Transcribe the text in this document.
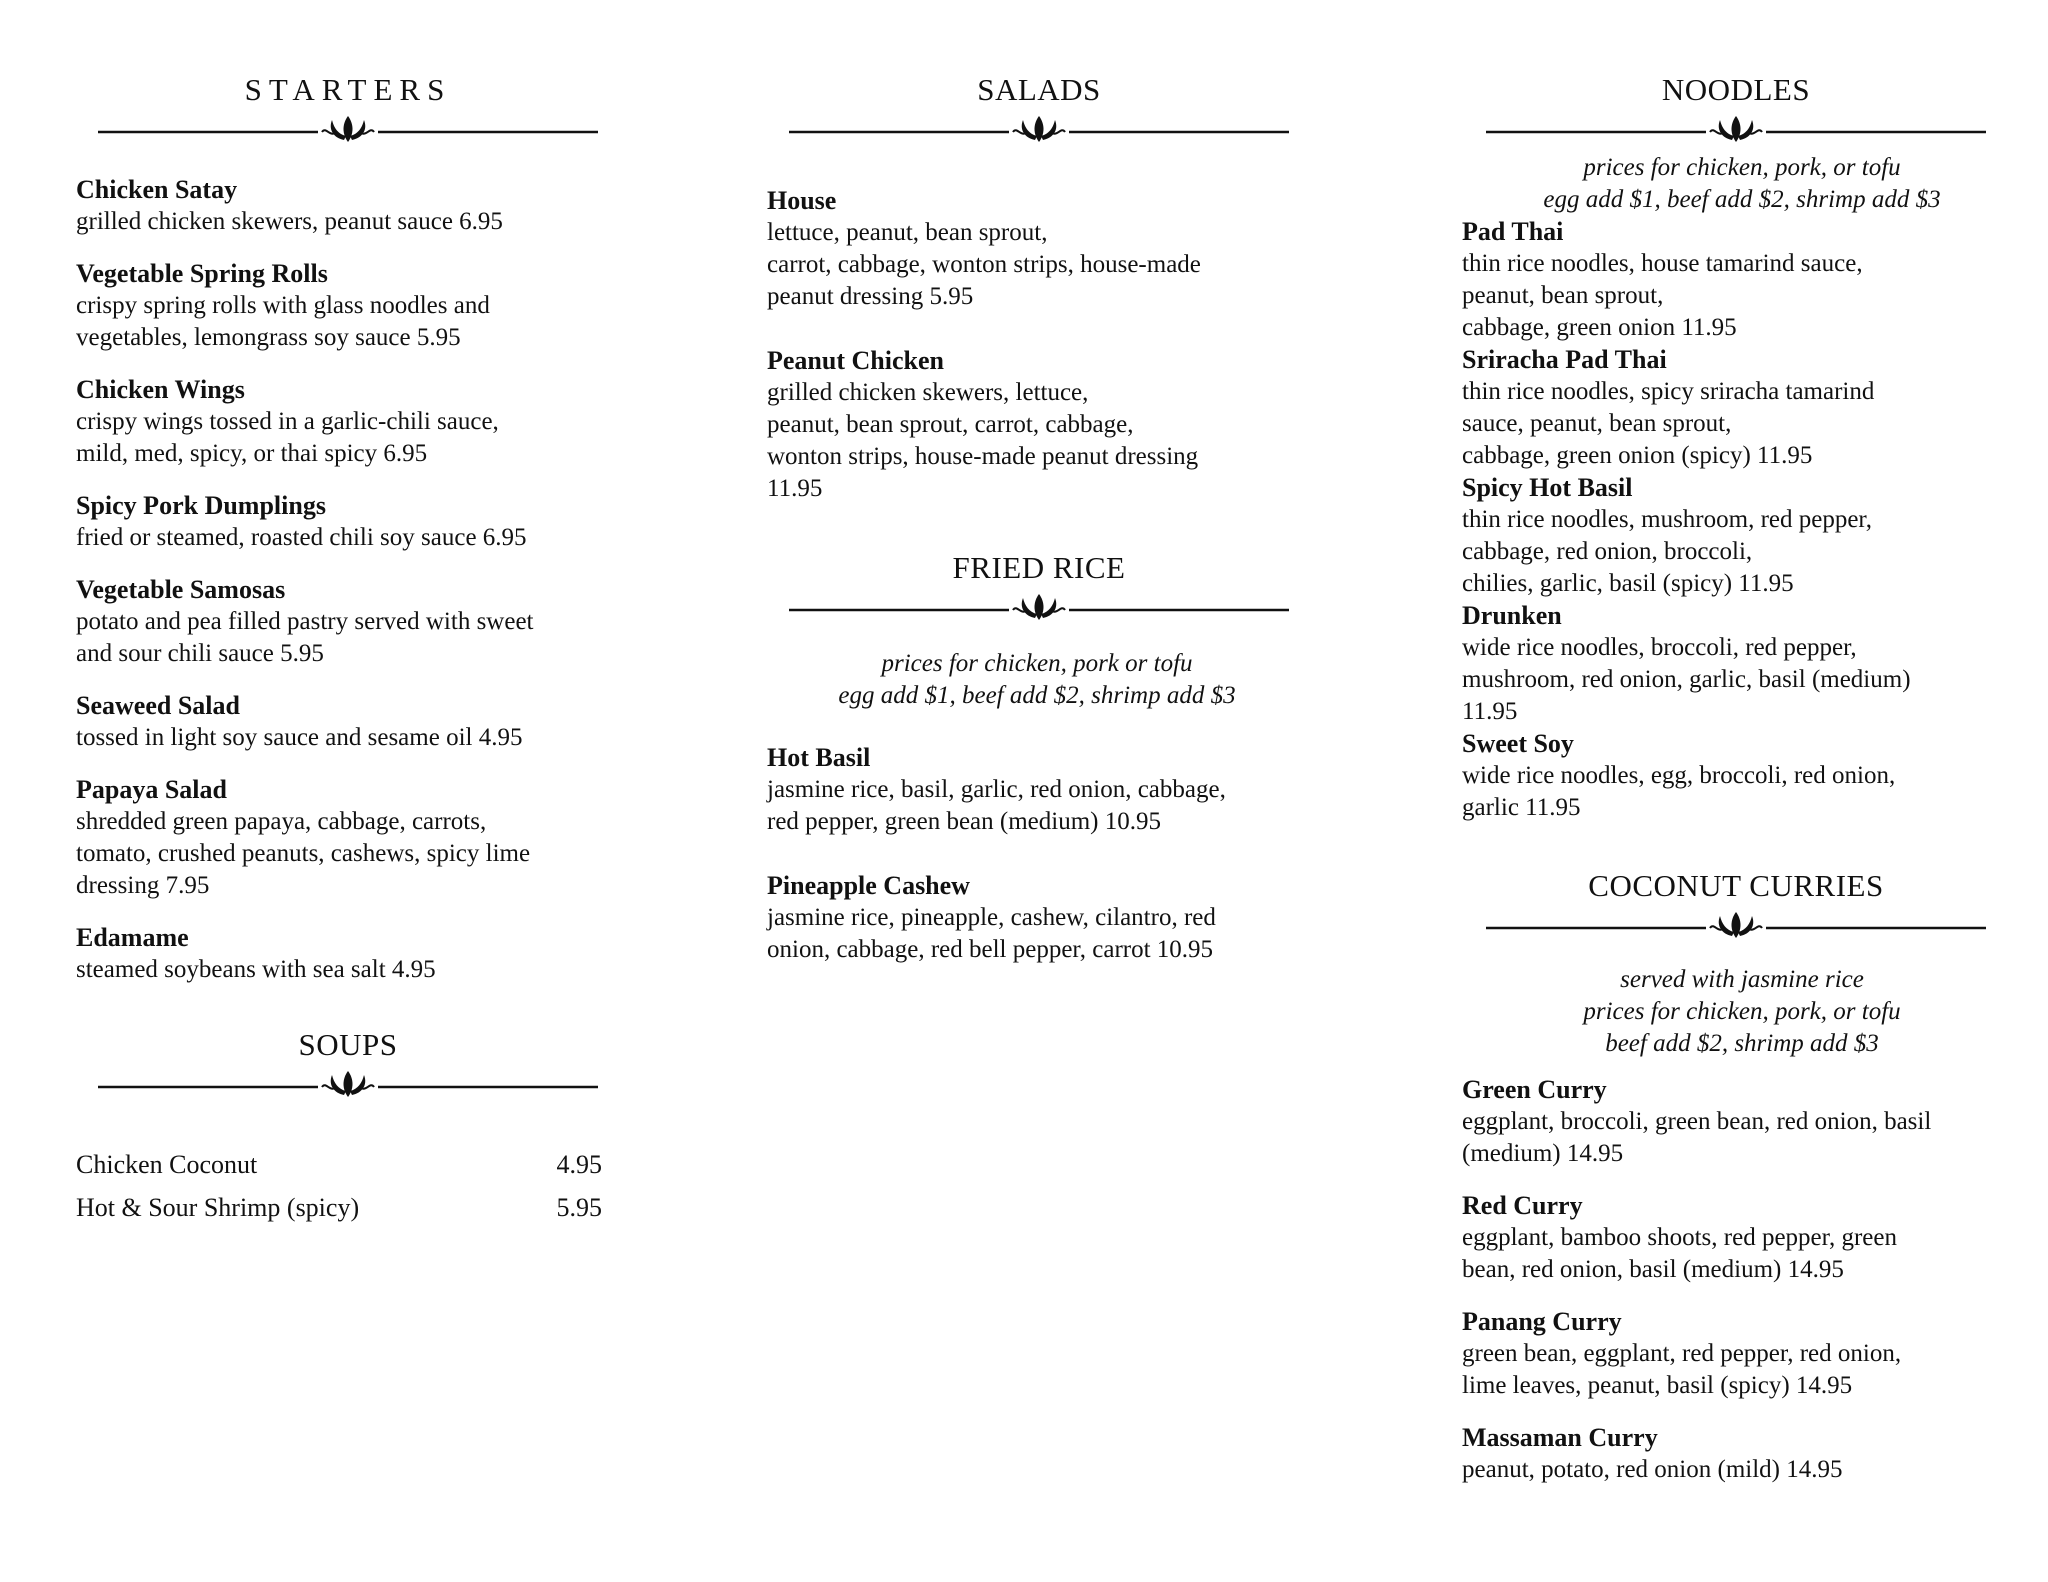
STARTERS
Chicken Satay
grilled chicken skewers, peanut sauce 6.95
Vegetable Spring Rolls
crispy spring rolls with glass noodles and
vegetables, lemongrass soy sauce 5.95
Chicken Wings
crispy wings tossed in a garlic-chili sauce,
mild, med, spicy, or thai spicy 6.95
Spicy Pork Dumplings
fried or steamed, roasted chili soy sauce 6.95
Vegetable Samosas
potato and pea filled pastry served with sweet
and sour chili sauce 5.95
Seaweed Salad
tossed in light soy sauce and sesame oil 4.95
Papaya Salad
shredded green papaya, cabbage, carrots,
tomato, crushed peanuts, cashews, spicy lime
dressing 7.95
Edamame
steamed soybeans with sea salt 4.95
SOUPS
Chicken Coconut	4.95
Hot & Sour Shrimp (spicy)	5.95
SALADS
House
lettuce, peanut, bean sprout,
carrot, cabbage, wonton strips, house-made
peanut dressing 5.95
Peanut Chicken
grilled chicken skewers, lettuce,
peanut, bean sprout, carrot, cabbage,
wonton strips, house-made peanut dressing
11.95
FRIED RICE
prices for chicken, pork or tofu
egg add $1, beef add $2, shrimp add $3
Hot Basil
jasmine rice, basil, garlic, red onion, cabbage,
red pepper, green bean (medium) 10.95
Pineapple Cashew
jasmine rice, pineapple, cashew, cilantro, red
onion, cabbage, red bell pepper, carrot 10.95
NOODLES
prices for chicken, pork, or tofu
egg add $1, beef add $2, shrimp add $3
Pad Thai
thin rice noodles, house tamarind sauce,
peanut, bean sprout,
cabbage, green onion 11.95
Sriracha Pad Thai
thin rice noodles, spicy sriracha tamarind
sauce, peanut, bean sprout,
cabbage, green onion (spicy) 11.95
Spicy Hot Basil
thin rice noodles, mushroom, red pepper,
cabbage, red onion, broccoli,
chilies, garlic, basil (spicy) 11.95
Drunken
wide rice noodles, broccoli, red pepper,
mushroom, red onion, garlic, basil (medium)
11.95
Sweet Soy
wide rice noodles, egg, broccoli, red onion,
garlic 11.95
COCONUT CURRIES
served with jasmine rice
prices for chicken, pork, or tofu
beef add $2, shrimp add $3
Green Curry
eggplant, broccoli, green bean, red onion, basil
(medium) 14.95
Red Curry
eggplant, bamboo shoots, red pepper, green
bean, red onion, basil (medium) 14.95
Panang Curry
green bean, eggplant, red pepper, red onion,
lime leaves, peanut, basil (spicy) 14.95
Massaman Curry
peanut, potato, red onion (mild) 14.95
